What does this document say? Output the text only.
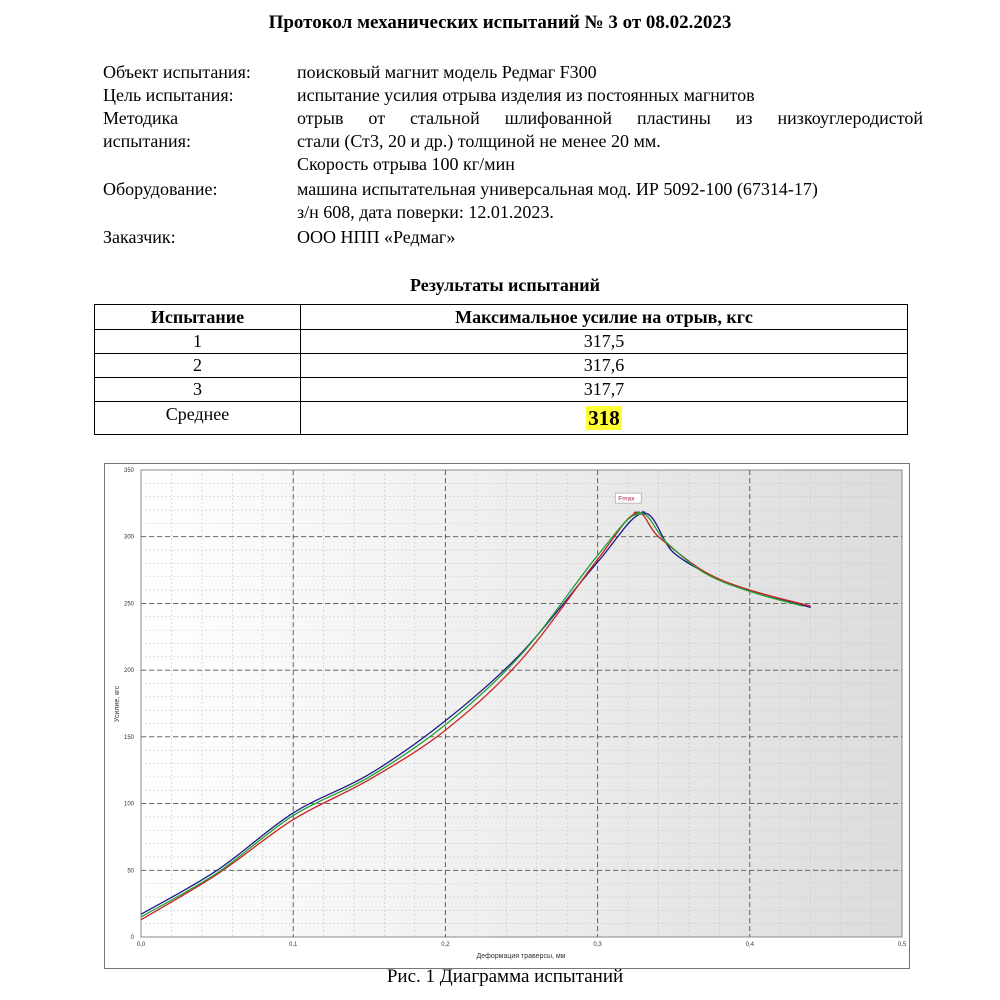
Протокол механических испытаний № 3 от 08.02.2023
Объект испытания:	поисковый магнит модель Редмаг F300
Цель испытания:	испытание усилия отрыва изделия из постоянных магнитов
Методика
испытания:
отрыв от стальной шлифованной пластины из низкоуглеродистой
стали (Ст3, 20 и др.) толщиной не менее 20 мм.
Скорость отрыва 100 кг/мин
Оборудование:	машина испытательная универсальная мод. ИР 5092-100 (67314-17)
з/н 608, дата поверки: 12.01.2023.
Заказчик:	ООО НПП «Редмаг»
Результаты испытаний
Испытание	Максимальное усилие на отрыв, кгс
1	317,5
2	317,6
3	317,7
Среднее	318
0,0	0,1	0,2	0,3	0,4	0,5
0
50
100
150
200
250
300
350
Fmax
Деформация траверсы, мм
Усилие, кгс
Рис. 1 Диаграмма испытаний
